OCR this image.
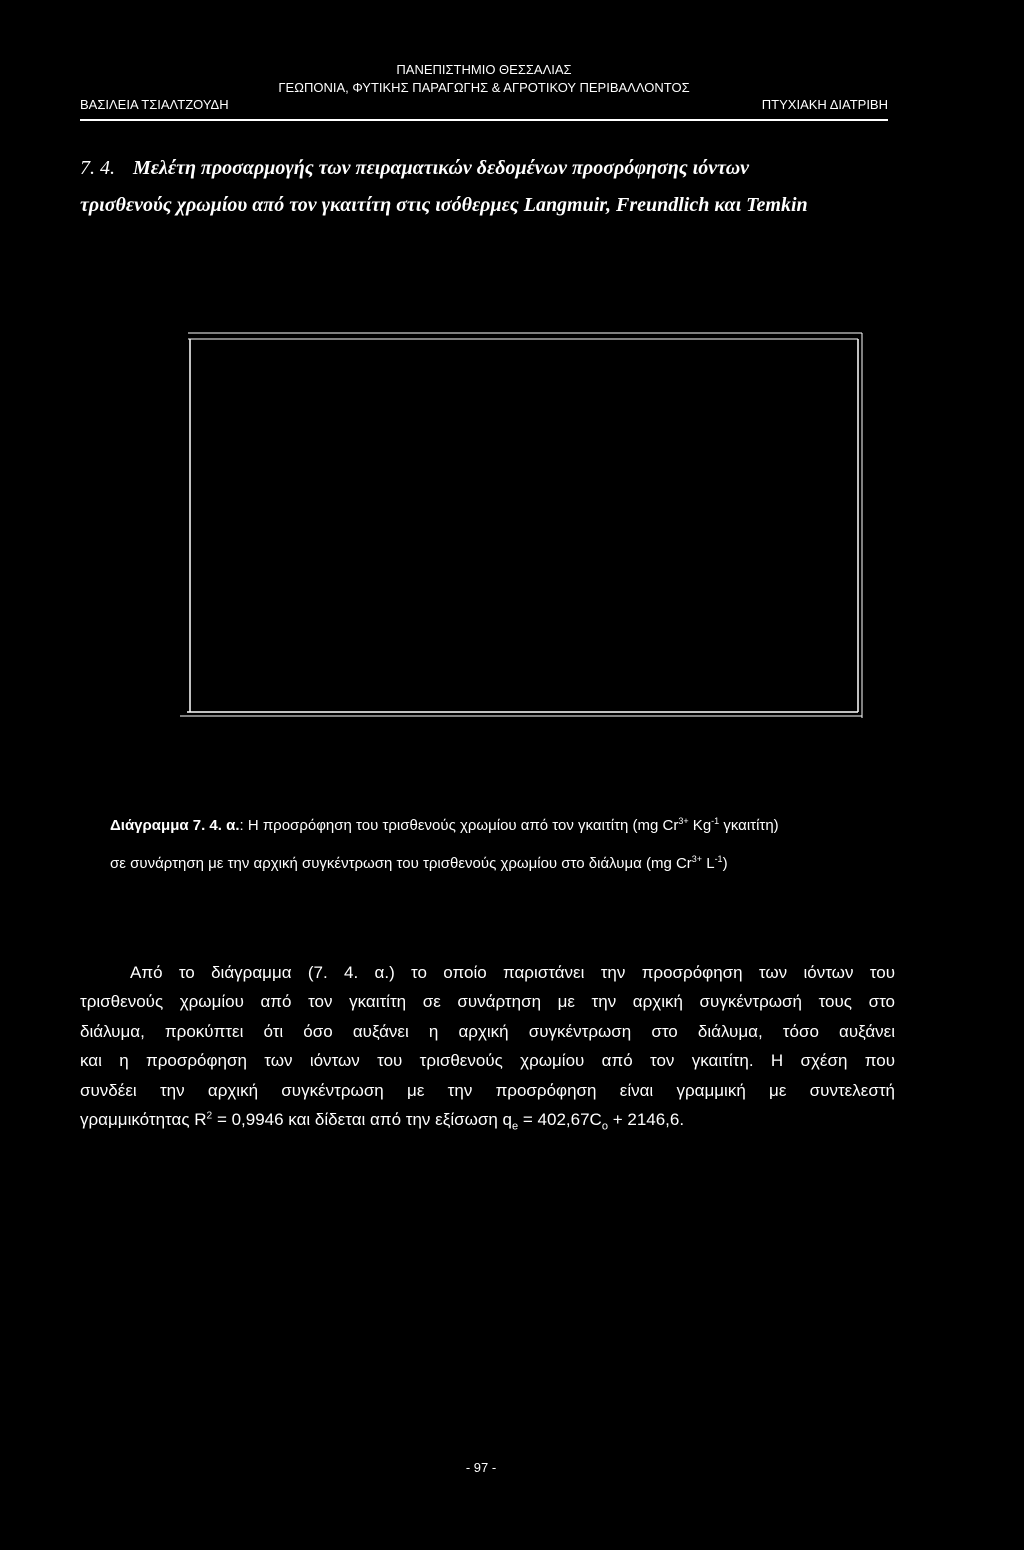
ΠΑΝΕΠΙΣΤΗΜΙΟ ΘΕΣΣΑΛΙΑΣ
ΓΕΩΠΟΝΙΑ, ΦΥΤΙΚΗΣ ΠΑΡΑΓΩΓΗΣ & ΑΓΡΟΤΙΚΟΥ ΠΕΡΙΒΑΛΛΟΝΤΟΣ
ΒΑΣΙΛΕΙΑ ΤΣΙΑΛΤΖΟΥΔΗ	ΠΤΥΧΙΑΚΗ ΔΙΑΤΡΙΒΗ
7. 4. Μελέτη προσαρμογής των πειραματικών δεδομένων προσρόφησης ιόντων
τρισθενούς χρωμίου από τον γκαιτίτη στις ισόθερμες Langmuir, Freundlich και Temkin
Διάγραμμα 7. 4. α.: Η προσρόφηση του τρισθενούς χρωμίου από τον γκαιτίτη (mg $Cr^{3+}$ $Kg^{-1}$ γκαιτίτη)
σε συνάρτηση με την αρχική συγκέντρωση του τρισθενούς χρωμίου στο διάλυμα (mg $Cr^{3+}$ $L^{-1}$)
Από το διάγραμμα (7. 4. α.) το οποίο παριστάνει την προσρόφηση των ιόντων του
τρισθενούς χρωμίου από τον γκαιτίτη σε συνάρτηση με την αρχική συγκέντρωσή τους στο
διάλυμα, προκύπτει ότι όσο αυξάνει η αρχική συγκέντρωση στο διάλυμα, τόσο αυξάνει
και η προσρόφηση των ιόντων του τρισθενούς χρωμίου από τον γκαιτίτη. Η σχέση που
συνδέει την αρχική συγκέντρωση με την προσρόφηση είναι γραμμική με συντελεστή
γραμμικότητας $R^2 = 0,9946$ και δίδεται από την εξίσωση $q_e = 402,67C_o + 2146,6$.
- 97 -
